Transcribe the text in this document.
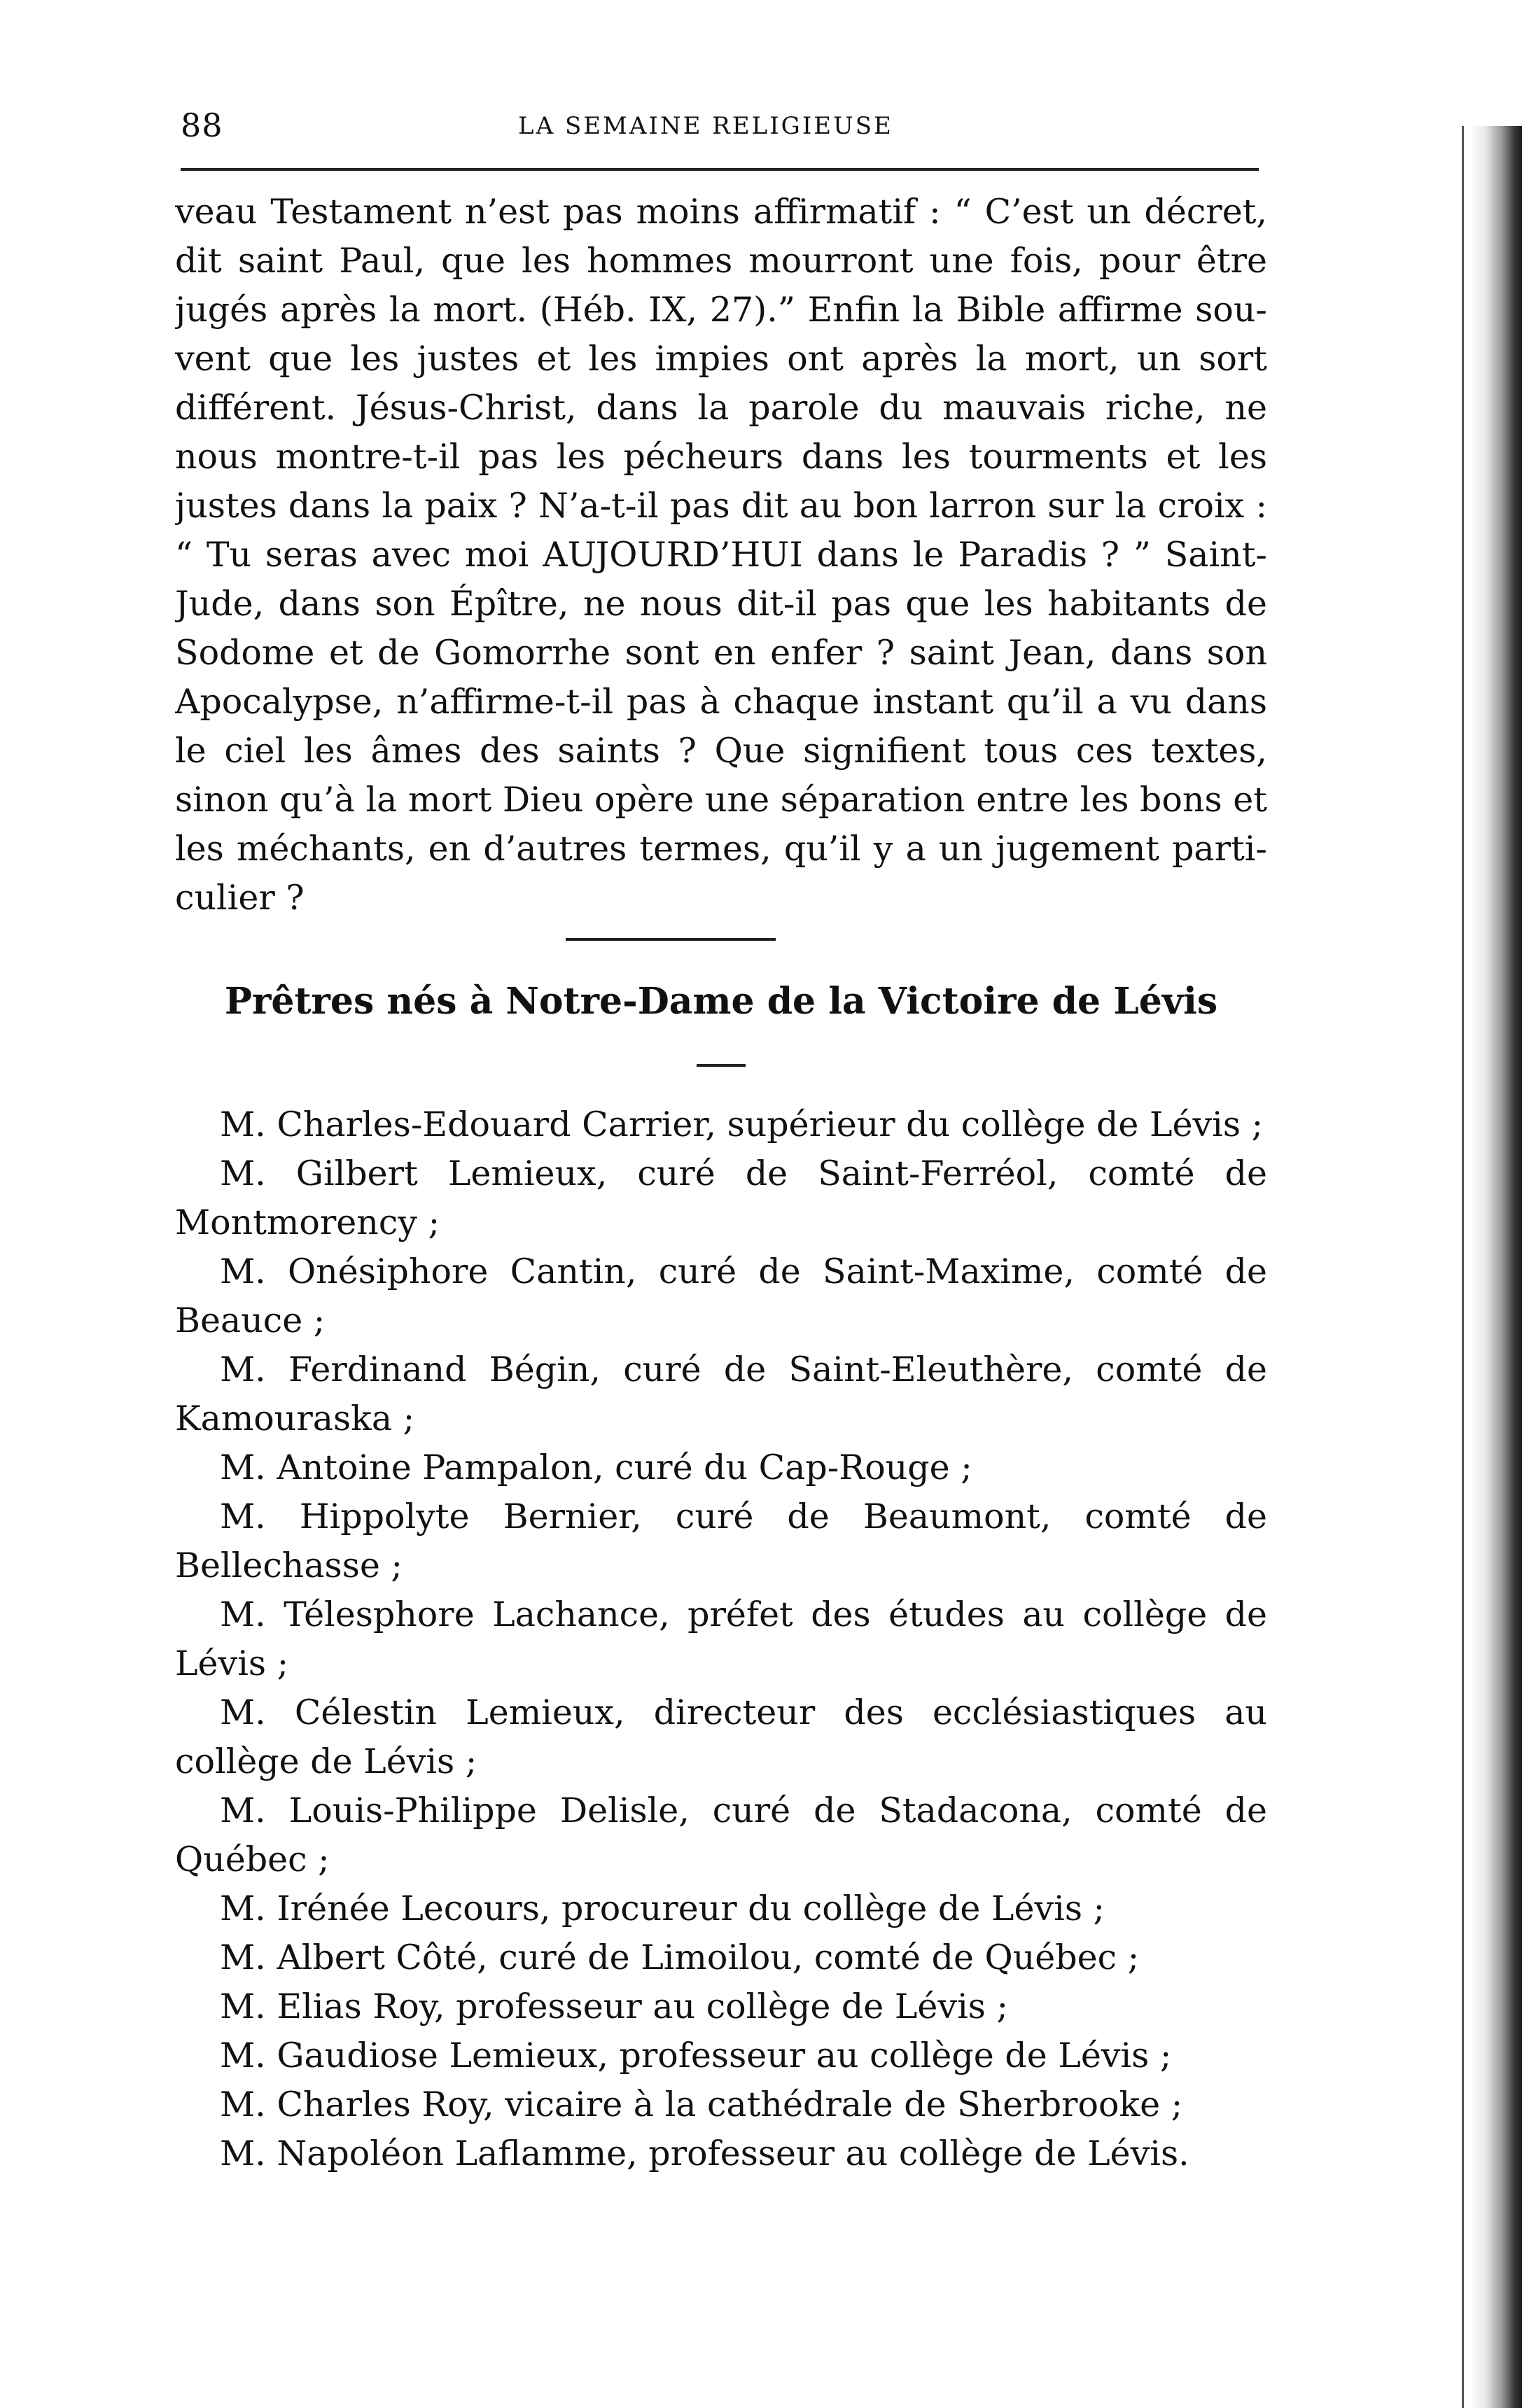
88	LA SEMAINE RELIGIEUSE
veau Testament n’est pas moins affirmatif : “ C’est un décret,
dit saint Paul, que les hommes mourront une fois, pour être
jugés après la mort. (Héb. IX, 27).” Enfin la Bible affirme sou-
vent que les justes et les impies ont après la mort, un sort
différent. Jésus-Christ, dans la parole du mauvais riche, ne
nous montre-t-il pas les pécheurs dans les tourments et les
justes dans la paix ? N’a-t-il pas dit au bon larron sur la croix :
“ Tu seras avec moi AUJOURD’HUI dans le Paradis ? ” Saint-
Jude, dans son Épître, ne nous dit-il pas que les habitants de
Sodome et de Gomorrhe sont en enfer ? saint Jean, dans son
Apocalypse, n’affirme-t-il pas à chaque instant qu’il a vu dans
le ciel les âmes des saints ? Que signifient tous ces textes,
sinon qu’à la mort Dieu opère une séparation entre les bons et
les méchants, en d’autres termes, qu’il y a un jugement parti-
culier ?
Prêtres nés à Notre-Dame de la Victoire de Lévis
M. Charles-Edouard Carrier, supérieur du collège de Lévis ;
M. Gilbert Lemieux, curé de Saint-Ferréol, comté de Montmorency ;
M. Onésiphore Cantin, curé de Saint-Maxime, comté de Beauce ;
M. Ferdinand Bégin, curé de Saint-Eleuthère, comté de Kamouraska ;
M. Antoine Pampalon, curé du Cap-Rouge ;
M. Hippolyte Bernier, curé de Beaumont, comté de Bellechasse ;
M. Télesphore Lachance, préfet des études au collège de Lévis ;
M. Célestin Lemieux, directeur des ecclésiastiques au collège de Lévis ;
M. Louis-Philippe Delisle, curé de Stadacona, comté de Québec ;
M. Irénée Lecours, procureur du collège de Lévis ;
M. Albert Côté, curé de Limoilou, comté de Québec ;
M. Elias Roy, professeur au collège de Lévis ;
M. Gaudiose Lemieux, professeur au collège de Lévis ;
M. Charles Roy, vicaire à la cathédrale de Sherbrooke ;
M. Napoléon Laflamme, professeur au collège de Lévis.
